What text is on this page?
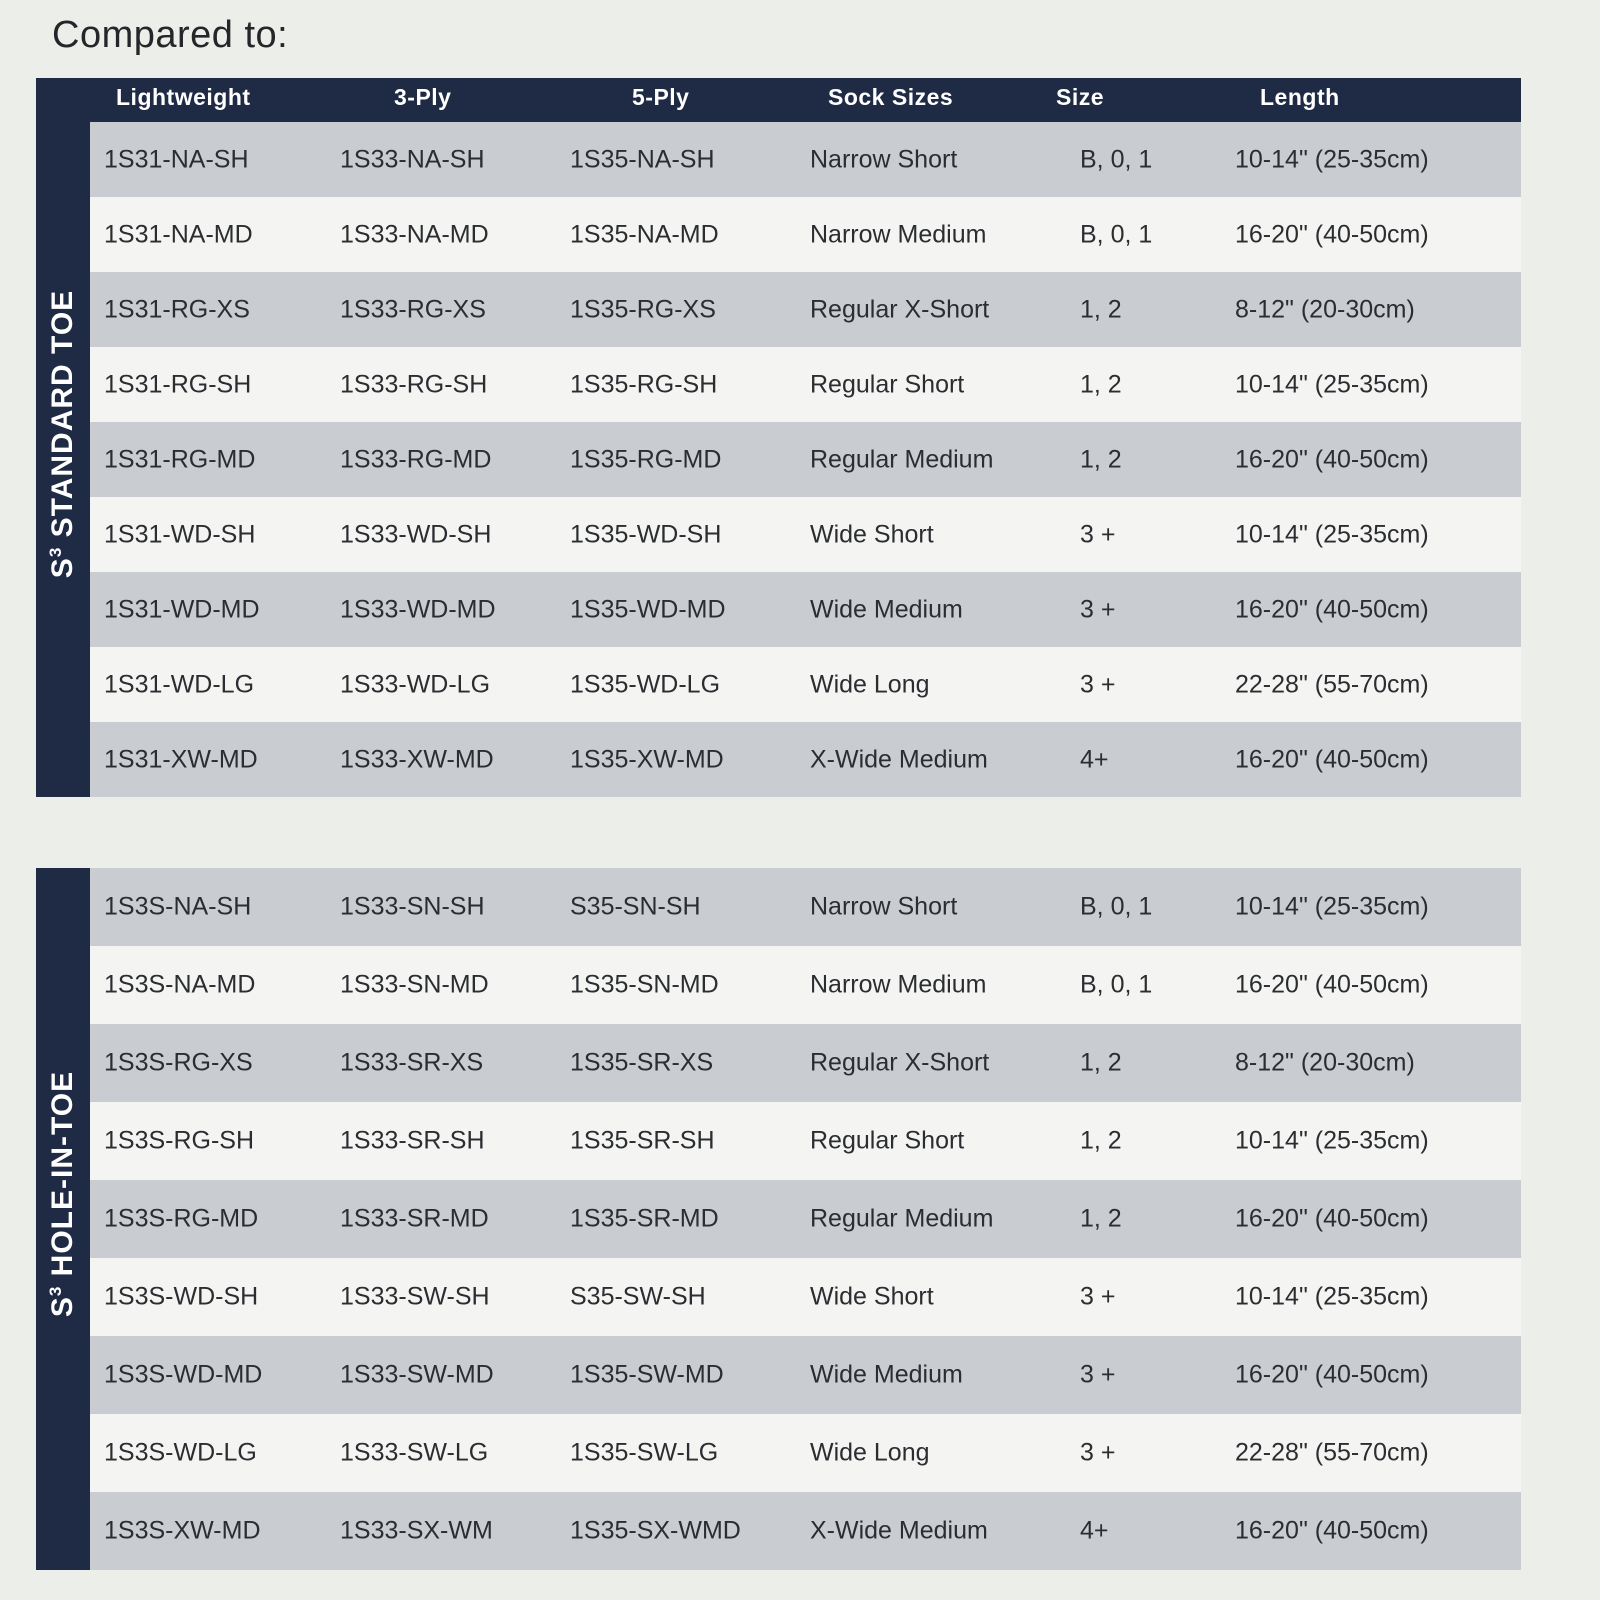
Compared to:
Lightweight	3-Ply	5-Ply	Sock Sizes	Size	Length
$S^3$ STANDARD TOE
1S31-NA-SH	1S33-NA-SH	1S35-NA-SH	Narrow Short	B, 0, 1	10-14" (25-35cm)
1S31-NA-MD	1S33-NA-MD	1S35-NA-MD	Narrow Medium	B, 0, 1	16-20" (40-50cm)
1S31-RG-XS	1S33-RG-XS	1S35-RG-XS	Regular X-Short	1, 2	8-12" (20-30cm)
1S31-RG-SH	1S33-RG-SH	1S35-RG-SH	Regular Short	1, 2	10-14" (25-35cm)
1S31-RG-MD	1S33-RG-MD	1S35-RG-MD	Regular Medium	1, 2	16-20" (40-50cm)
1S31-WD-SH	1S33-WD-SH	1S35-WD-SH	Wide Short	3 +	10-14" (25-35cm)
1S31-WD-MD	1S33-WD-MD	1S35-WD-MD	Wide Medium	3 +	16-20" (40-50cm)
1S31-WD-LG	1S33-WD-LG	1S35-WD-LG	Wide Long	3 +	22-28" (55-70cm)
1S31-XW-MD	1S33-XW-MD	1S35-XW-MD	X-Wide Medium	4+	16-20" (40-50cm)
$S^3$ HOLE-IN-TOE
1S3S-NA-SH	1S33-SN-SH	S35-SN-SH	Narrow Short	B, 0, 1	10-14" (25-35cm)
1S3S-NA-MD	1S33-SN-MD	1S35-SN-MD	Narrow Medium	B, 0, 1	16-20" (40-50cm)
1S3S-RG-XS	1S33-SR-XS	1S35-SR-XS	Regular X-Short	1, 2	8-12" (20-30cm)
1S3S-RG-SH	1S33-SR-SH	1S35-SR-SH	Regular Short	1, 2	10-14" (25-35cm)
1S3S-RG-MD	1S33-SR-MD	1S35-SR-MD	Regular Medium	1, 2	16-20" (40-50cm)
1S3S-WD-SH	1S33-SW-SH	S35-SW-SH	Wide Short	3 +	10-14" (25-35cm)
1S3S-WD-MD	1S33-SW-MD	1S35-SW-MD	Wide Medium	3 +	16-20" (40-50cm)
1S3S-WD-LG	1S33-SW-LG	1S35-SW-LG	Wide Long	3 +	22-28" (55-70cm)
1S3S-XW-MD	1S33-SX-WM	1S35-SX-WMD	X-Wide Medium	4+	16-20" (40-50cm)
